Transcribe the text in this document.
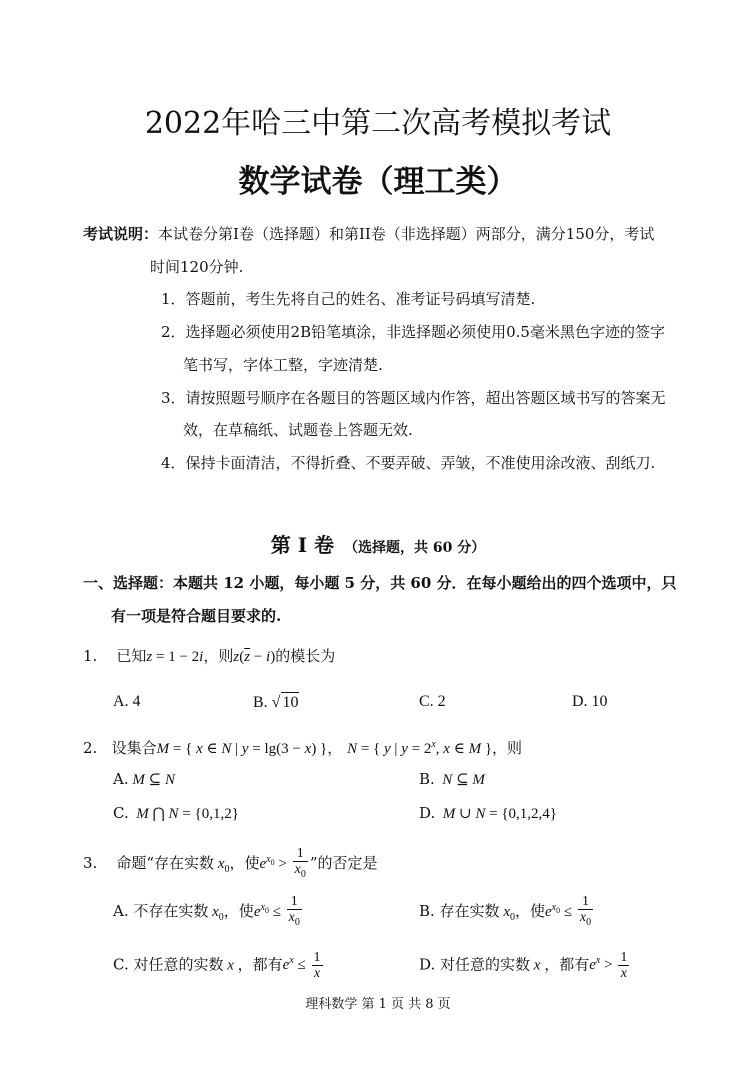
2022年哈三中第二次高考模拟考试
数学试卷（理工类）
考试说明：本试卷分第I卷（选择题）和第II卷（非选择题）两部分，满分150分，考试
时间120分钟.
1．答题前，考生先将自己的姓名、准考证号码填写清楚.
2．选择题必须使用2B铅笔填涂，非选择题必须使用0.5毫米黑色字迹的签字
笔书写，字体工整，字迹清楚.
3．请按照题号顺序在各题目的答题区域内作答，超出答题区域书写的答案无
效，在草稿纸、试题卷上答题无效.
4．保持卡面清洁，不得折叠、不要弄破、弄皱，不准使用涂改液、刮纸刀.
第 I 卷 （选择题，共 60 分）
一、选择题：本题共 12 小题，每小题 5 分，共 60 分．在每小题给出的四个选项中，只
有一项是符合题目要求的.
1. 已知z = 1 − 2i，则$z(\overline{z} - i)$的模长为
A. 4	B. √ 10	C. 2	D. 10
2. 设集合M = { x ∈ N | y = lg(3 − x) }， N = { y | $y = 2^x$, x ∈ M }，则
A. M ⊆ N	B. N ⊆ M
C. M ⋂ N = {0,1,2}	D. M ∪ N = {0,1,2,4}
3. 命题“存在实数 $x_0$，使$e^{x_0} > \frac{1}{x_0}$ ”的否定是
A. 不存在实数 $x_0$，使$e^{x_0} \le \frac{1}{x_0}$	B. 存在实数 $x_0$，使$e^{x_0} \le \frac{1}{x_0}$
C. 对任意的实数 x ，都有$e^x \le \frac{1}{x}$	D. 对任意的实数 x ，都有$e^x > \frac{1}{x}$
理科数学 第 1 页 共 8 页
